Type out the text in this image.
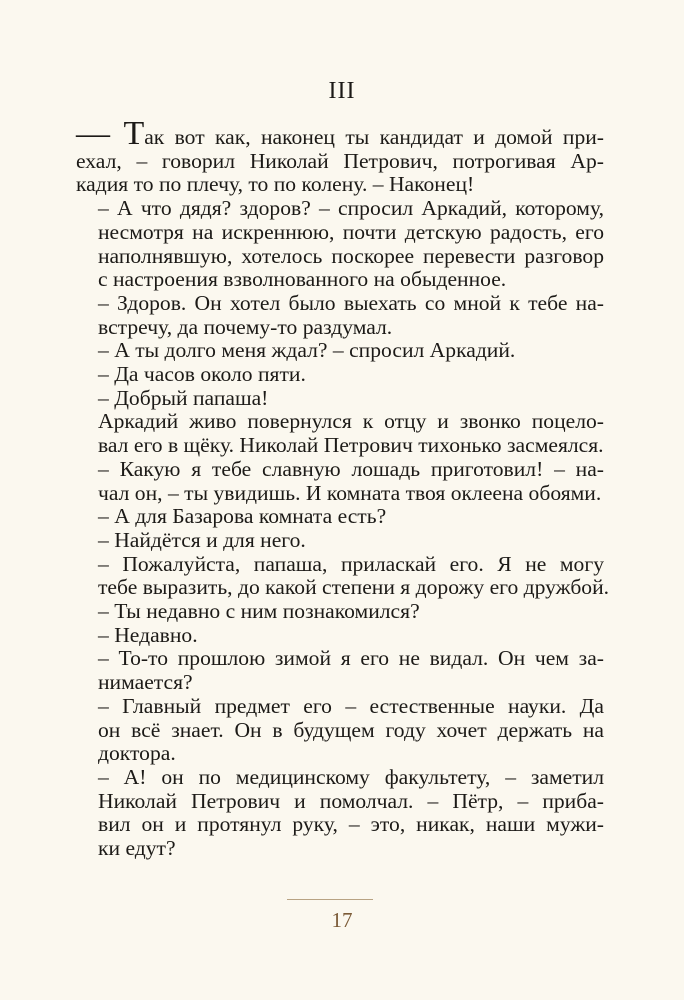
III

— Так вот как, наконец ты кандидат и домой при-
ехал, – говорил Николай Петрович, потрогивая Ар-
кадия то по плечу, то по колену. – Наконец!

– А что дядя? здоров? – спросил Аркадий, которому,
несмотря на искреннюю, почти детскую радость, его
наполнявшую, хотелось поскорее перевести разговор
с настроения взволнованного на обыденное.

– Здоров. Он хотел было выехать со мной к тебе на-
встречу, да почему-то раздумал.

– А ты долго меня ждал? – спросил Аркадий.

– Да часов около пяти.

– Добрый папаша!

Аркадий живо повернулся к отцу и звонко поцело-
вал его в щёку. Николай Петрович тихонько засмеялся.

– Какую я тебе славную лошадь приготовил! – на-
чал он, – ты увидишь. И комната твоя оклеена обоями.

– А для Базарова комната есть?

– Найдётся и для него.

– Пожалуйста, папаша, приласкай его. Я не могу
тебе выразить, до какой степени я дорожу его дружбой.

– Ты недавно с ним познакомился?

– Недавно.

– То-то прошлою зимой я его не видал. Он чем за-
нимается?

– Главный предмет его – естественные науки. Да
он всё знает. Он в будущем году хочет держать на
доктора.

– А! он по медицинскому факультету, – заметил
Николай Петрович и помолчал. – Пётр, – приба-
вил он и протянул руку, – это, никак, наши мужи-
ки едут?

17
